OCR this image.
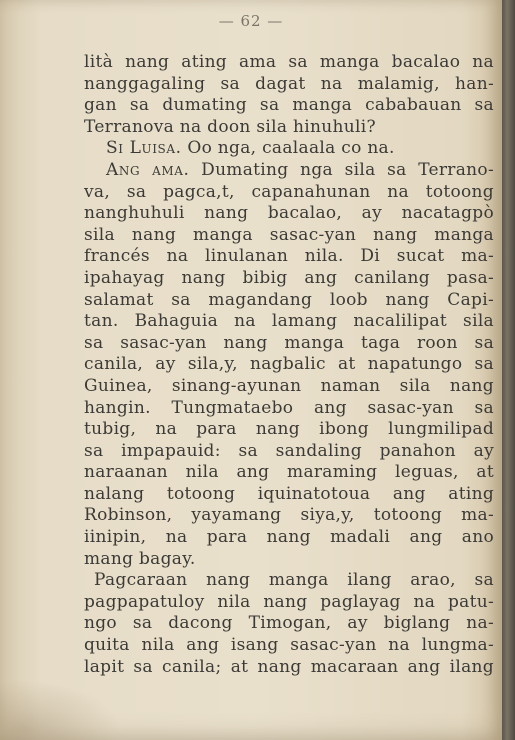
— 62 —
lità nang ating ama sa manga bacalao na
nanggagaling sa dagat na malamig, han-
gan sa dumating sa manga cababauan sa
Terranova na doon sila hinuhuli?
Si Luisa. Oo nga, caalaala co na.
Ang ama. Dumating nga sila sa Terrano-
va, sa pagca,t, capanahunan na totoong
nanghuhuli nang bacalao, ay nacatagpò
sila nang manga sasac-yan nang manga
francés na linulanan nila. Di sucat ma-
ipahayag nang bibig ang canilang pasa-
salamat sa magandang loob nang Capi-
tan. Bahaguia na lamang nacalilipat sila
sa sasac-yan nang manga taga roon sa
canila, ay sila,y, nagbalic at napatungo sa
Guinea, sinang-ayunan naman sila nang
hangin. Tungmataebo ang sasac-yan sa
tubig, na para nang ibong lungmilipad
sa impapauid: sa sandaling panahon ay
naraanan nila ang maraming leguas, at
nalang totoong iquinatotoua ang ating
Robinson, yayamang siya,y, totoong ma-
iinipin, na para nang madali ang ano
mang bagay.
Pagcaraan nang manga ilang arao, sa
pagpapatuloy nila nang paglayag na patu-
ngo sa dacong Timogan, ay biglang na-
quita nila ang isang sasac-yan na lungma-
lapit sa canila; at nang macaraan ang ilang
